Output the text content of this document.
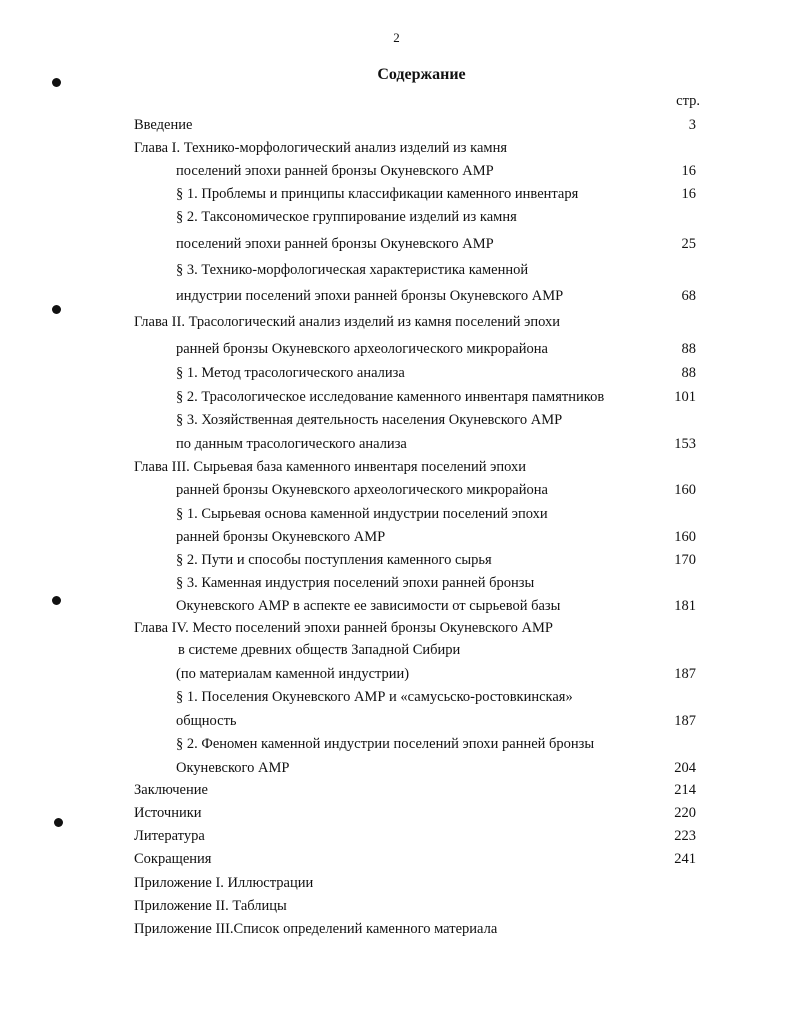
2
Содержание
стр.
Введение	3
Глава I. Технико-морфологический анализ изделий из камня
поселений эпохи ранней бронзы Окуневского АМР	16
§ 1. Проблемы и принципы классификации каменного инвентаря	16
§ 2. Таксономическое группирование изделий из камня
поселений эпохи ранней бронзы Окуневского АМР	25
§ 3. Технико-морфологическая характеристика каменной
индустрии поселений эпохи ранней бронзы Окуневского АМР	68
Глава II. Трасологический анализ изделий из камня поселений эпохи
ранней бронзы Окуневского археологического микрорайона	88
§ 1. Метод трасологического анализа	88
§ 2. Трасологическое исследование каменного инвентаря памятников	101
§ 3. Хозяйственная деятельность населения Окуневского АМР
по данным трасологического анализа	153
Глава III. Сырьевая база каменного инвентаря поселений эпохи
ранней бронзы Окуневского археологического микрорайона	160
§ 1. Сырьевая основа каменной индустрии поселений эпохи
ранней бронзы Окуневского АМР	160
§ 2. Пути и способы поступления каменного сырья	170
§ 3. Каменная индустрия поселений эпохи ранней бронзы
Окуневского АМР в аспекте ее зависимости от сырьевой базы	181
Глава IV. Место поселений эпохи ранней бронзы Окуневского АМР
в системе древних обществ Западной Сибири
(по материалам каменной индустрии)	187
§ 1. Поселения Окуневского АМР и «самусьско-ростовкинская»
общность	187
§ 2. Феномен каменной индустрии поселений эпохи ранней бронзы
Окуневского АМР	204
Заключение	214
Источники	220
Литература	223
Сокращения	241
Приложение I. Иллюстрации
Приложение II. Таблицы
Приложение III.Список определений каменного материала
